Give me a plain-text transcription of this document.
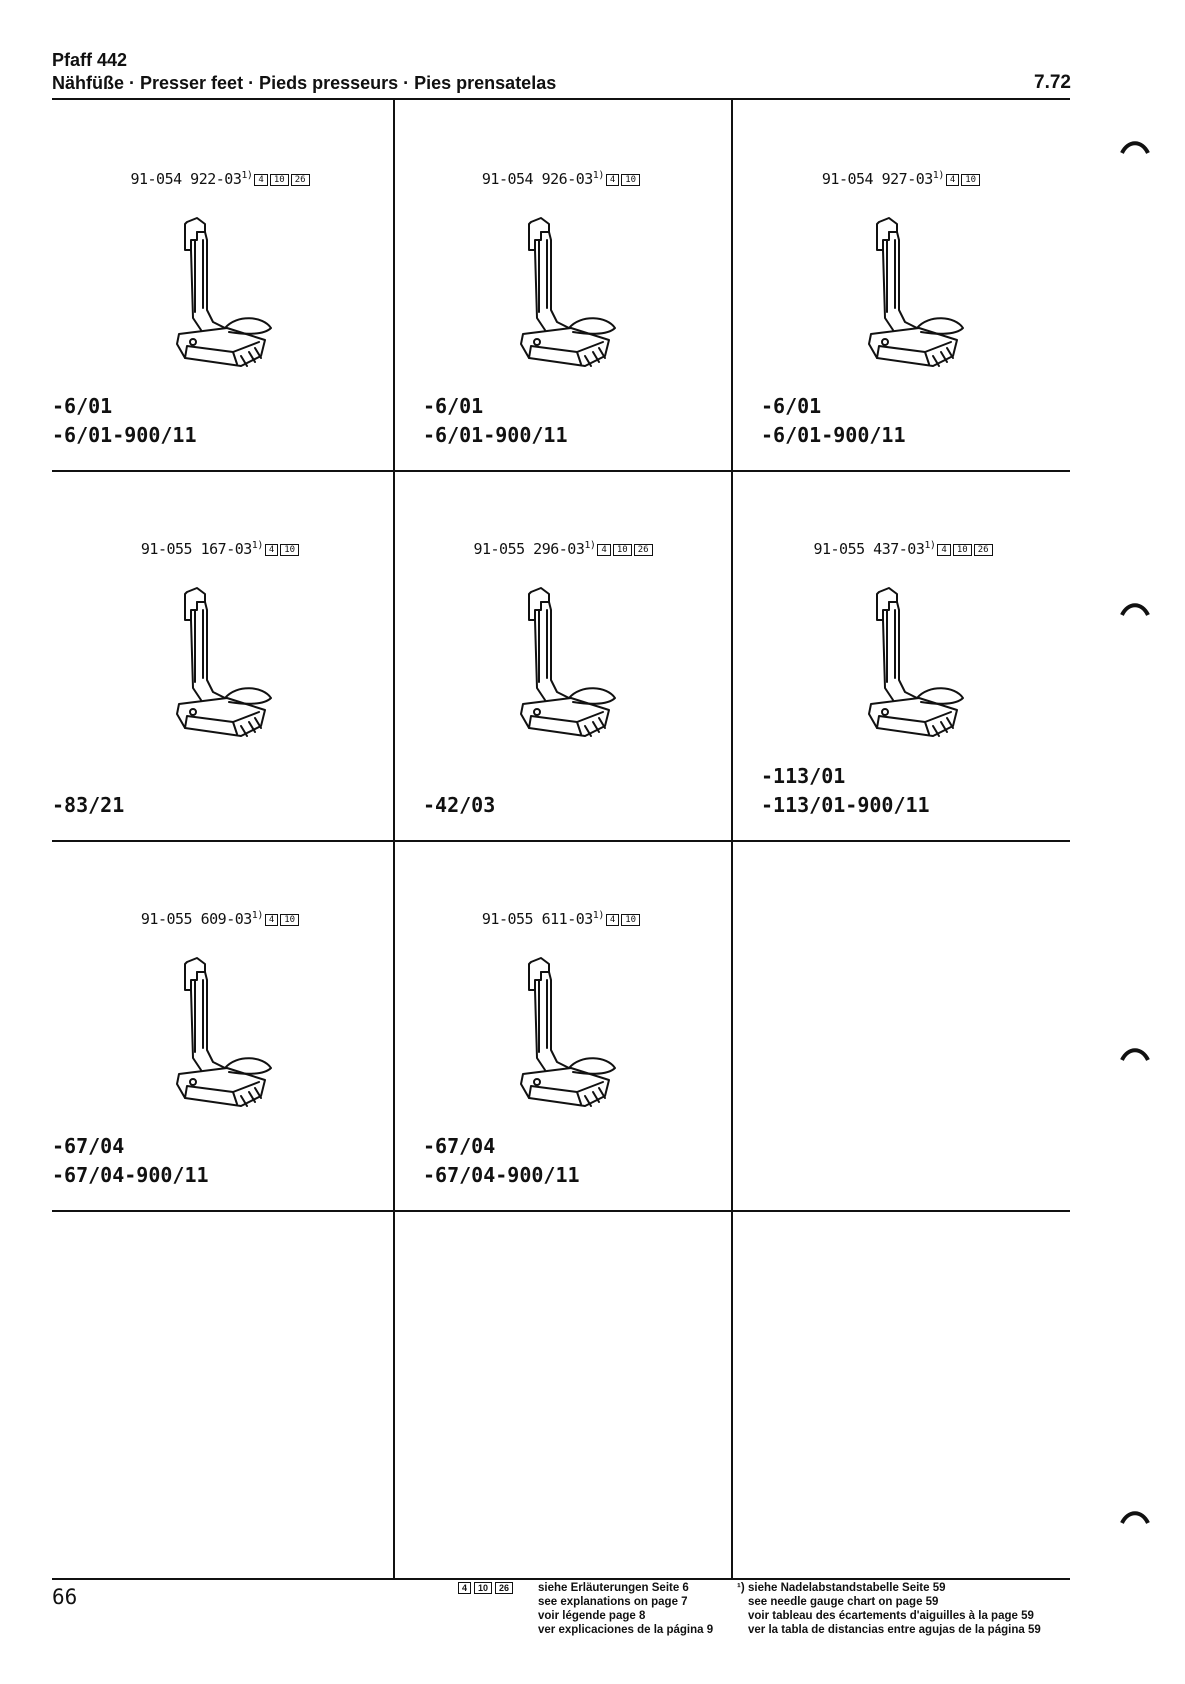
Pfaff 442
Nähfüße · Presser feet · Pieds presseurs · Pies prensatelas	7.72
91-054 922-03$^{1)}$ 4 10 26
-6/01
-6/01-900/11
91-054 926-03$^{1)}$ 4 10
-6/01
-6/01-900/11
91-054 927-03$^{1)}$ 4 10
-6/01
-6/01-900/11
91-055 167-03$^{1)}$ 4 10
-83/21
91-055 296-03$^{1)}$ 4 10 26
-42/03
91-055 437-03$^{1)}$ 4 10 26
-113/01
-113/01-900/11
91-055 609-03$^{1)}$ 4 10
-67/04
-67/04-900/11
91-055 611-03$^{1)}$ 4 10
-67/04
-67/04-900/11
66	4 10 26	siehe Erläuterungen Seite 6
see explanations on page 7
voir légende page 8
ver explicaciones de la página 9
¹) siehe Nadelabstandstabelle Seite 59
see needle gauge chart on page 59
voir tableau des écartements d'aiguilles à la page 59
ver la tabla de distancias entre agujas de la página 59
